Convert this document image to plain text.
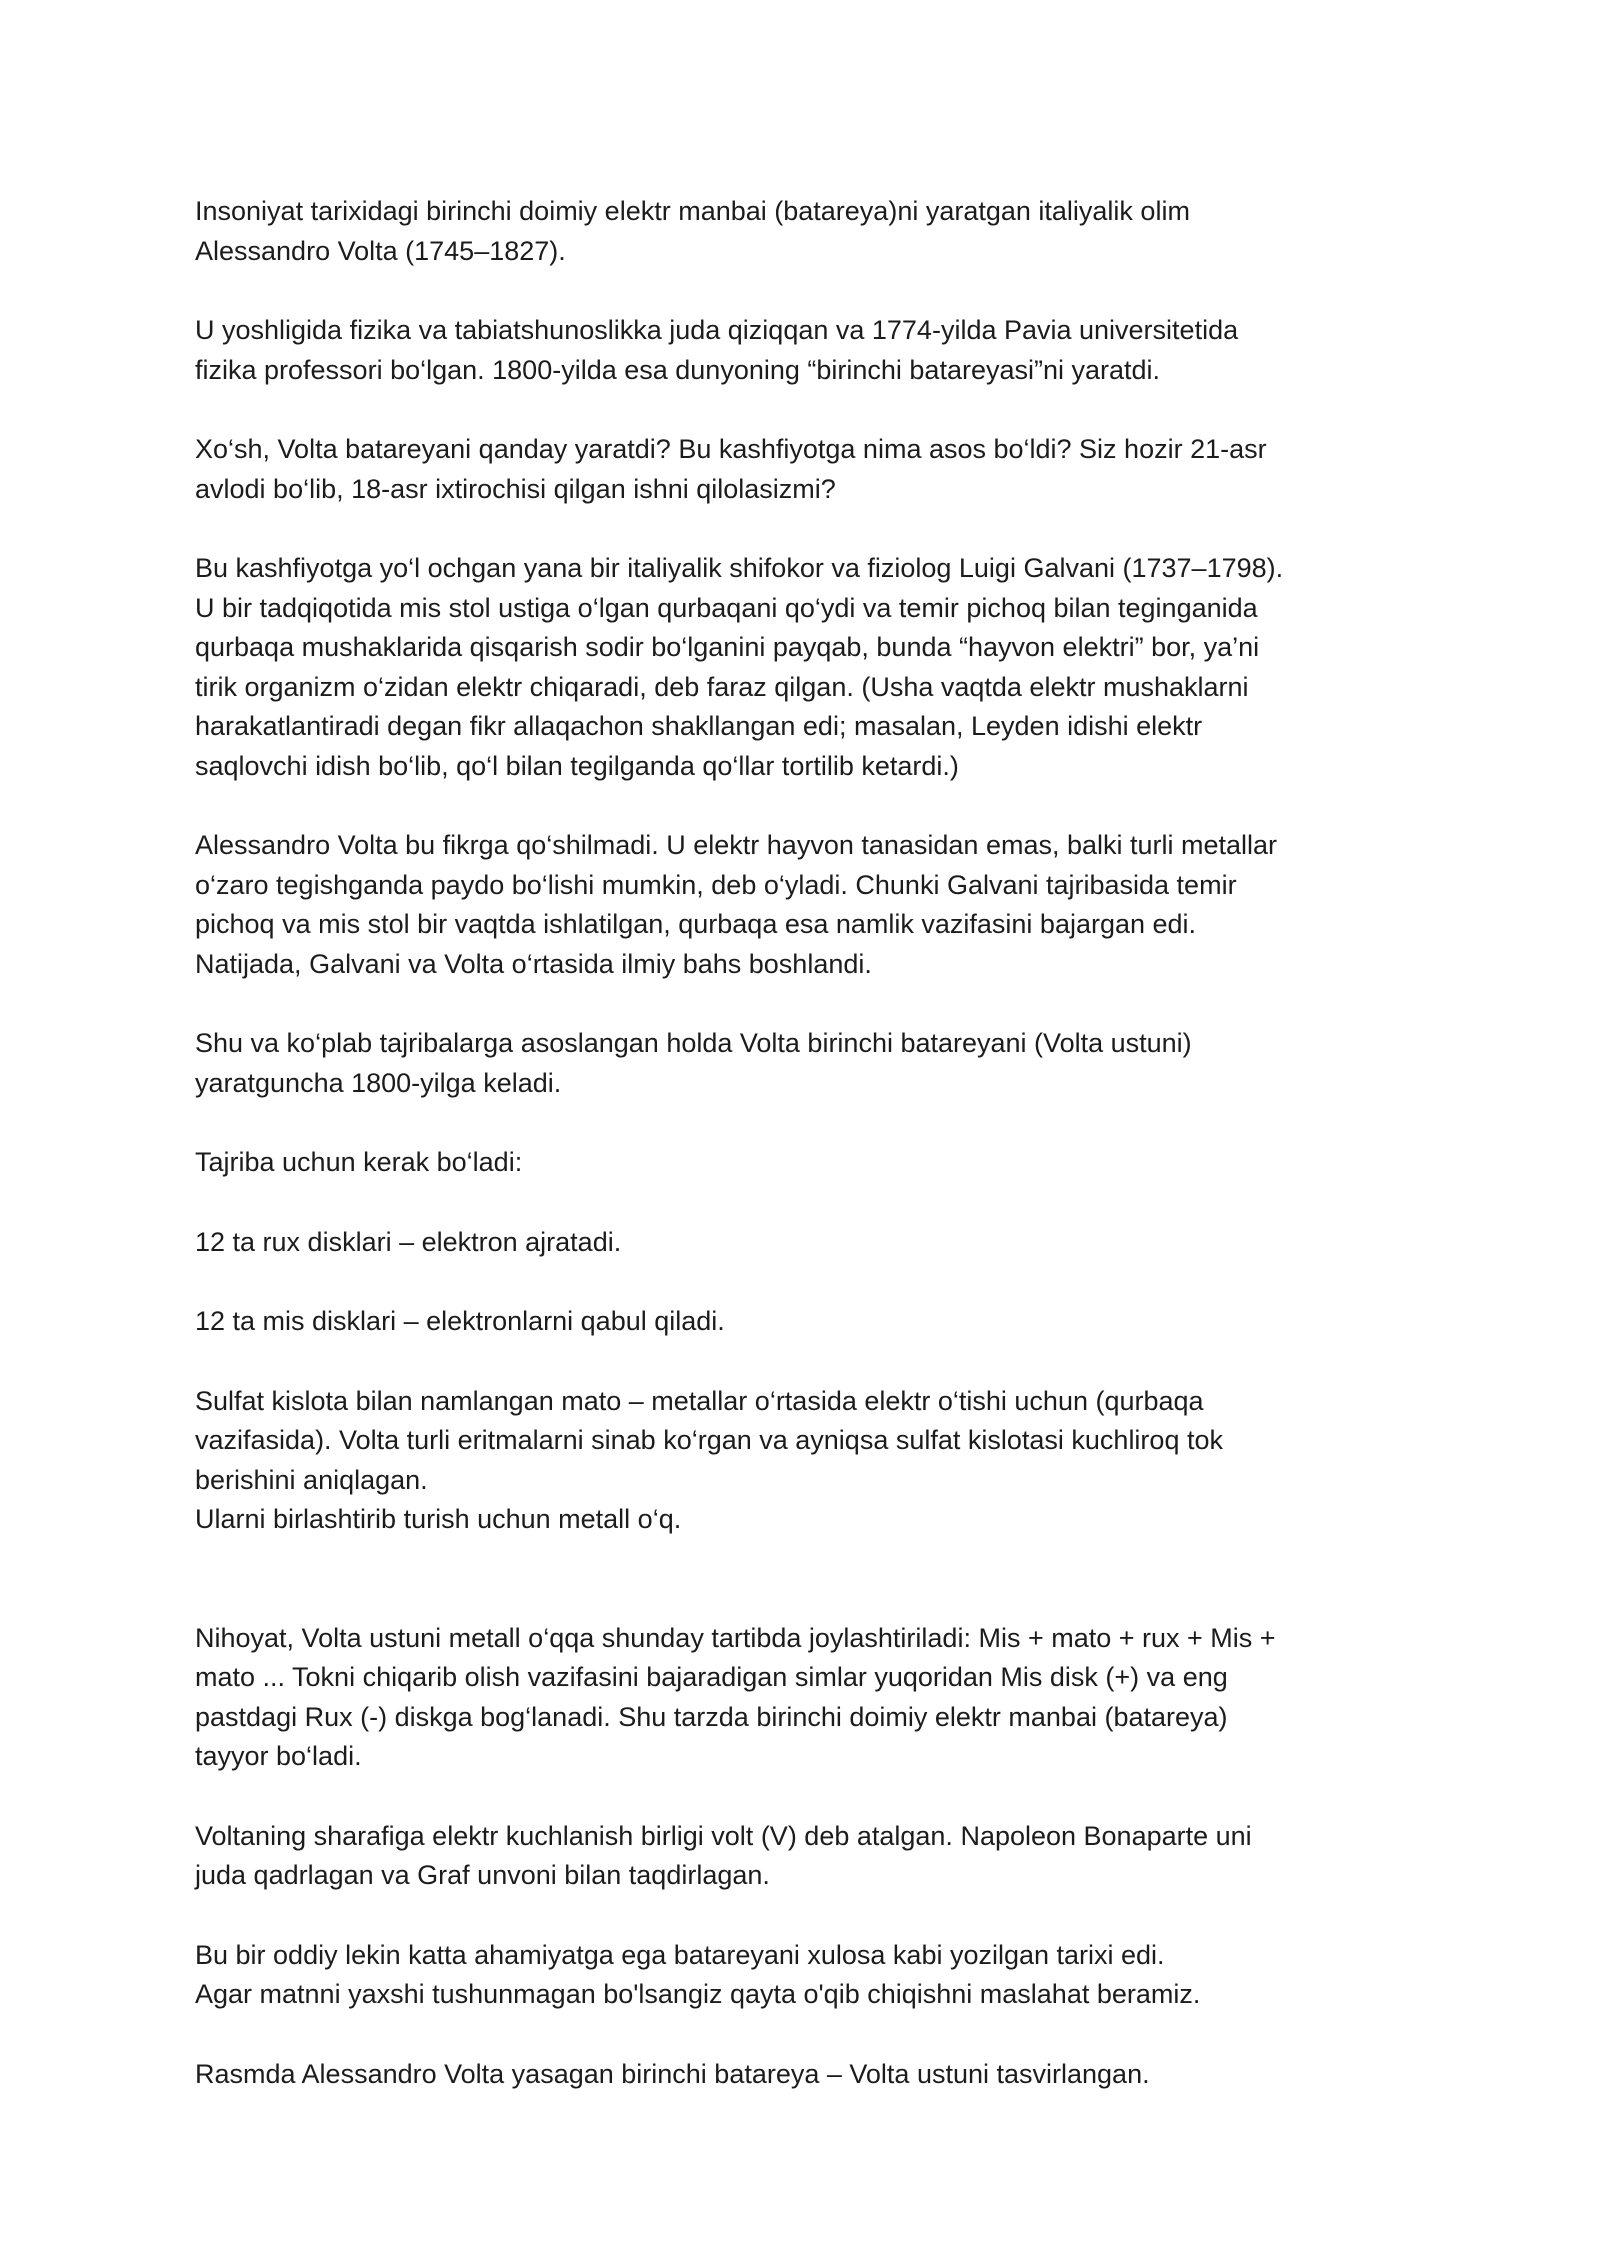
Insoniyat tarixidagi birinchi doimiy elektr manbai (batareya)ni yaratgan italiyalik olim
Alessandro Volta (1745–1827).

U yoshligida fizika va tabiatshunoslikka juda qiziqqan va 1774-yilda Pavia universitetida
fizika professori bo‘lgan. 1800-yilda esa dunyoning “birinchi batareyasi”ni yaratdi.

Xo‘sh, Volta batareyani qanday yaratdi? Bu kashfiyotga nima asos bo‘ldi? Siz hozir 21-asr
avlodi bo‘lib, 18-asr ixtirochisi qilgan ishni qilolasizmi?

Bu kashfiyotga yo‘l ochgan yana bir italiyalik shifokor va fiziolog Luigi Galvani (1737–1798).
U bir tadqiqotida mis stol ustiga o‘lgan qurbaqani qo‘ydi va temir pichoq bilan teginganida
qurbaqa mushaklarida qisqarish sodir bo‘lganini payqab, bunda “hayvon elektri” bor, ya’ni
tirik organizm o‘zidan elektr chiqaradi, deb faraz qilgan. (Usha vaqtda elektr mushaklarni
harakatlantiradi degan fikr allaqachon shakllangan edi; masalan, Leyden idishi elektr
saqlovchi idish bo‘lib, qo‘l bilan tegilganda qo‘llar tortilib ketardi.)

Alessandro Volta bu fikrga qo‘shilmadi. U elektr hayvon tanasidan emas, balki turli metallar
o‘zaro tegishganda paydo bo‘lishi mumkin, deb o‘yladi. Chunki Galvani tajribasida temir
pichoq va mis stol bir vaqtda ishlatilgan, qurbaqa esa namlik vazifasini bajargan edi.
Natijada, Galvani va Volta o‘rtasida ilmiy bahs boshlandi.

Shu va ko‘plab tajribalarga asoslangan holda Volta birinchi batareyani (Volta ustuni)
yaratguncha 1800-yilga keladi.

Tajriba uchun kerak bo‘ladi:

12 ta rux disklari – elektron ajratadi.

12 ta mis disklari – elektronlarni qabul qiladi.

Sulfat kislota bilan namlangan mato – metallar o‘rtasida elektr o‘tishi uchun (qurbaqa
vazifasida). Volta turli eritmalarni sinab ko‘rgan va ayniqsa sulfat kislotasi kuchliroq tok
berishini aniqlagan.
Ularni birlashtirib turish uchun metall o‘q.

Nihoyat, Volta ustuni metall o‘qqa shunday tartibda joylashtiriladi: Mis + mato + rux + Mis +
mato ... Tokni chiqarib olish vazifasini bajaradigan simlar yuqoridan Mis disk (+) va eng
pastdagi Rux (-) diskga bog‘lanadi. Shu tarzda birinchi doimiy elektr manbai (batareya)
tayyor bo‘ladi.

Voltaning sharafiga elektr kuchlanish birligi volt (V) deb atalgan. Napoleon Bonaparte uni
juda qadrlagan va Graf unvoni bilan taqdirlagan.

Bu bir oddiy lekin katta ahamiyatga ega batareyani xulosa kabi yozilgan tarixi edi.
Agar matnni yaxshi tushunmagan bo'lsangiz qayta o'qib chiqishni maslahat beramiz.

Rasmda Alessandro Volta yasagan birinchi batareya – Volta ustuni tasvirlangan.
